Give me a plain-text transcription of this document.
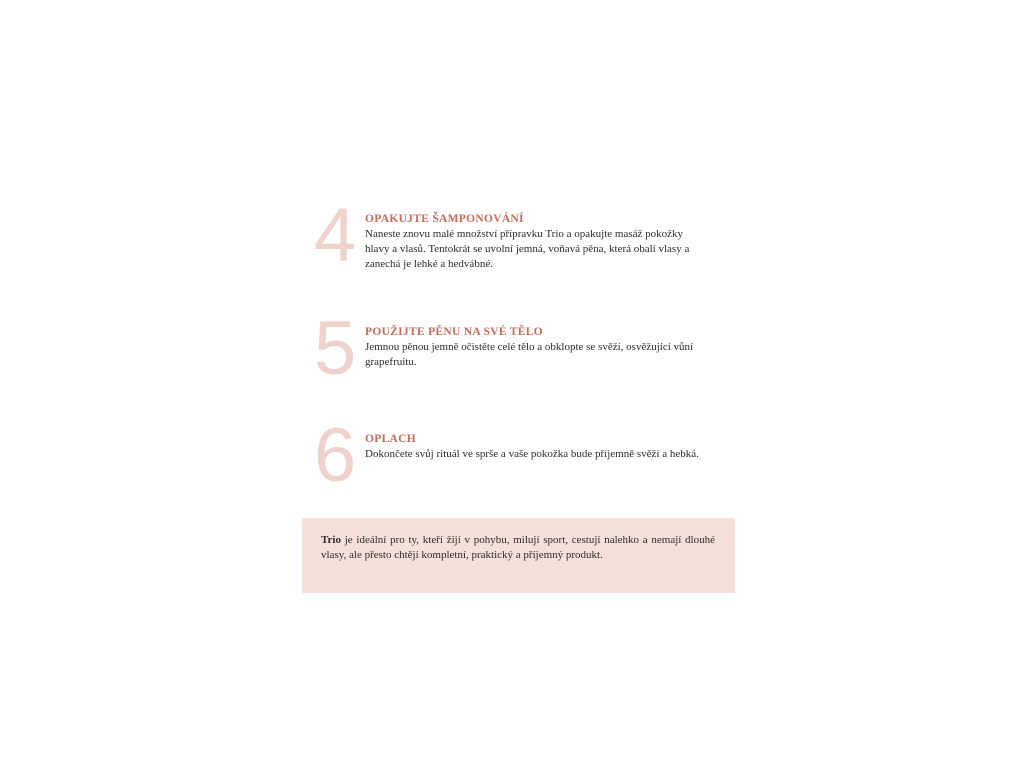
4 OPAKUJTE ŠAMPONOVÁNÍ

Naneste znovu malé množství přípravku Trio a opakujte masáž pokožky hlavy a vlasů. Tentokrát se uvolní jemná, voňavá pěna, která obalí vlasy a zanechá je lehké a hedvábné.

5 POUŽIJTE PĚNU NA SVÉ TĚLO

Jemnou pěnou jemně očistěte celé tělo a obklopte se svěží, osvěžující vůní grapefruitu.

6 OPLACH

Dokončete svůj rituál ve sprše a vaše pokožka bude příjemně svěží a hebká.

Trio je ideální pro ty, kteří žijí v pohybu, milují sport, cestují nalehko a nemají dlouhé vlasy, ale přesto chtějí kompletní, praktický a příjemný produkt.
